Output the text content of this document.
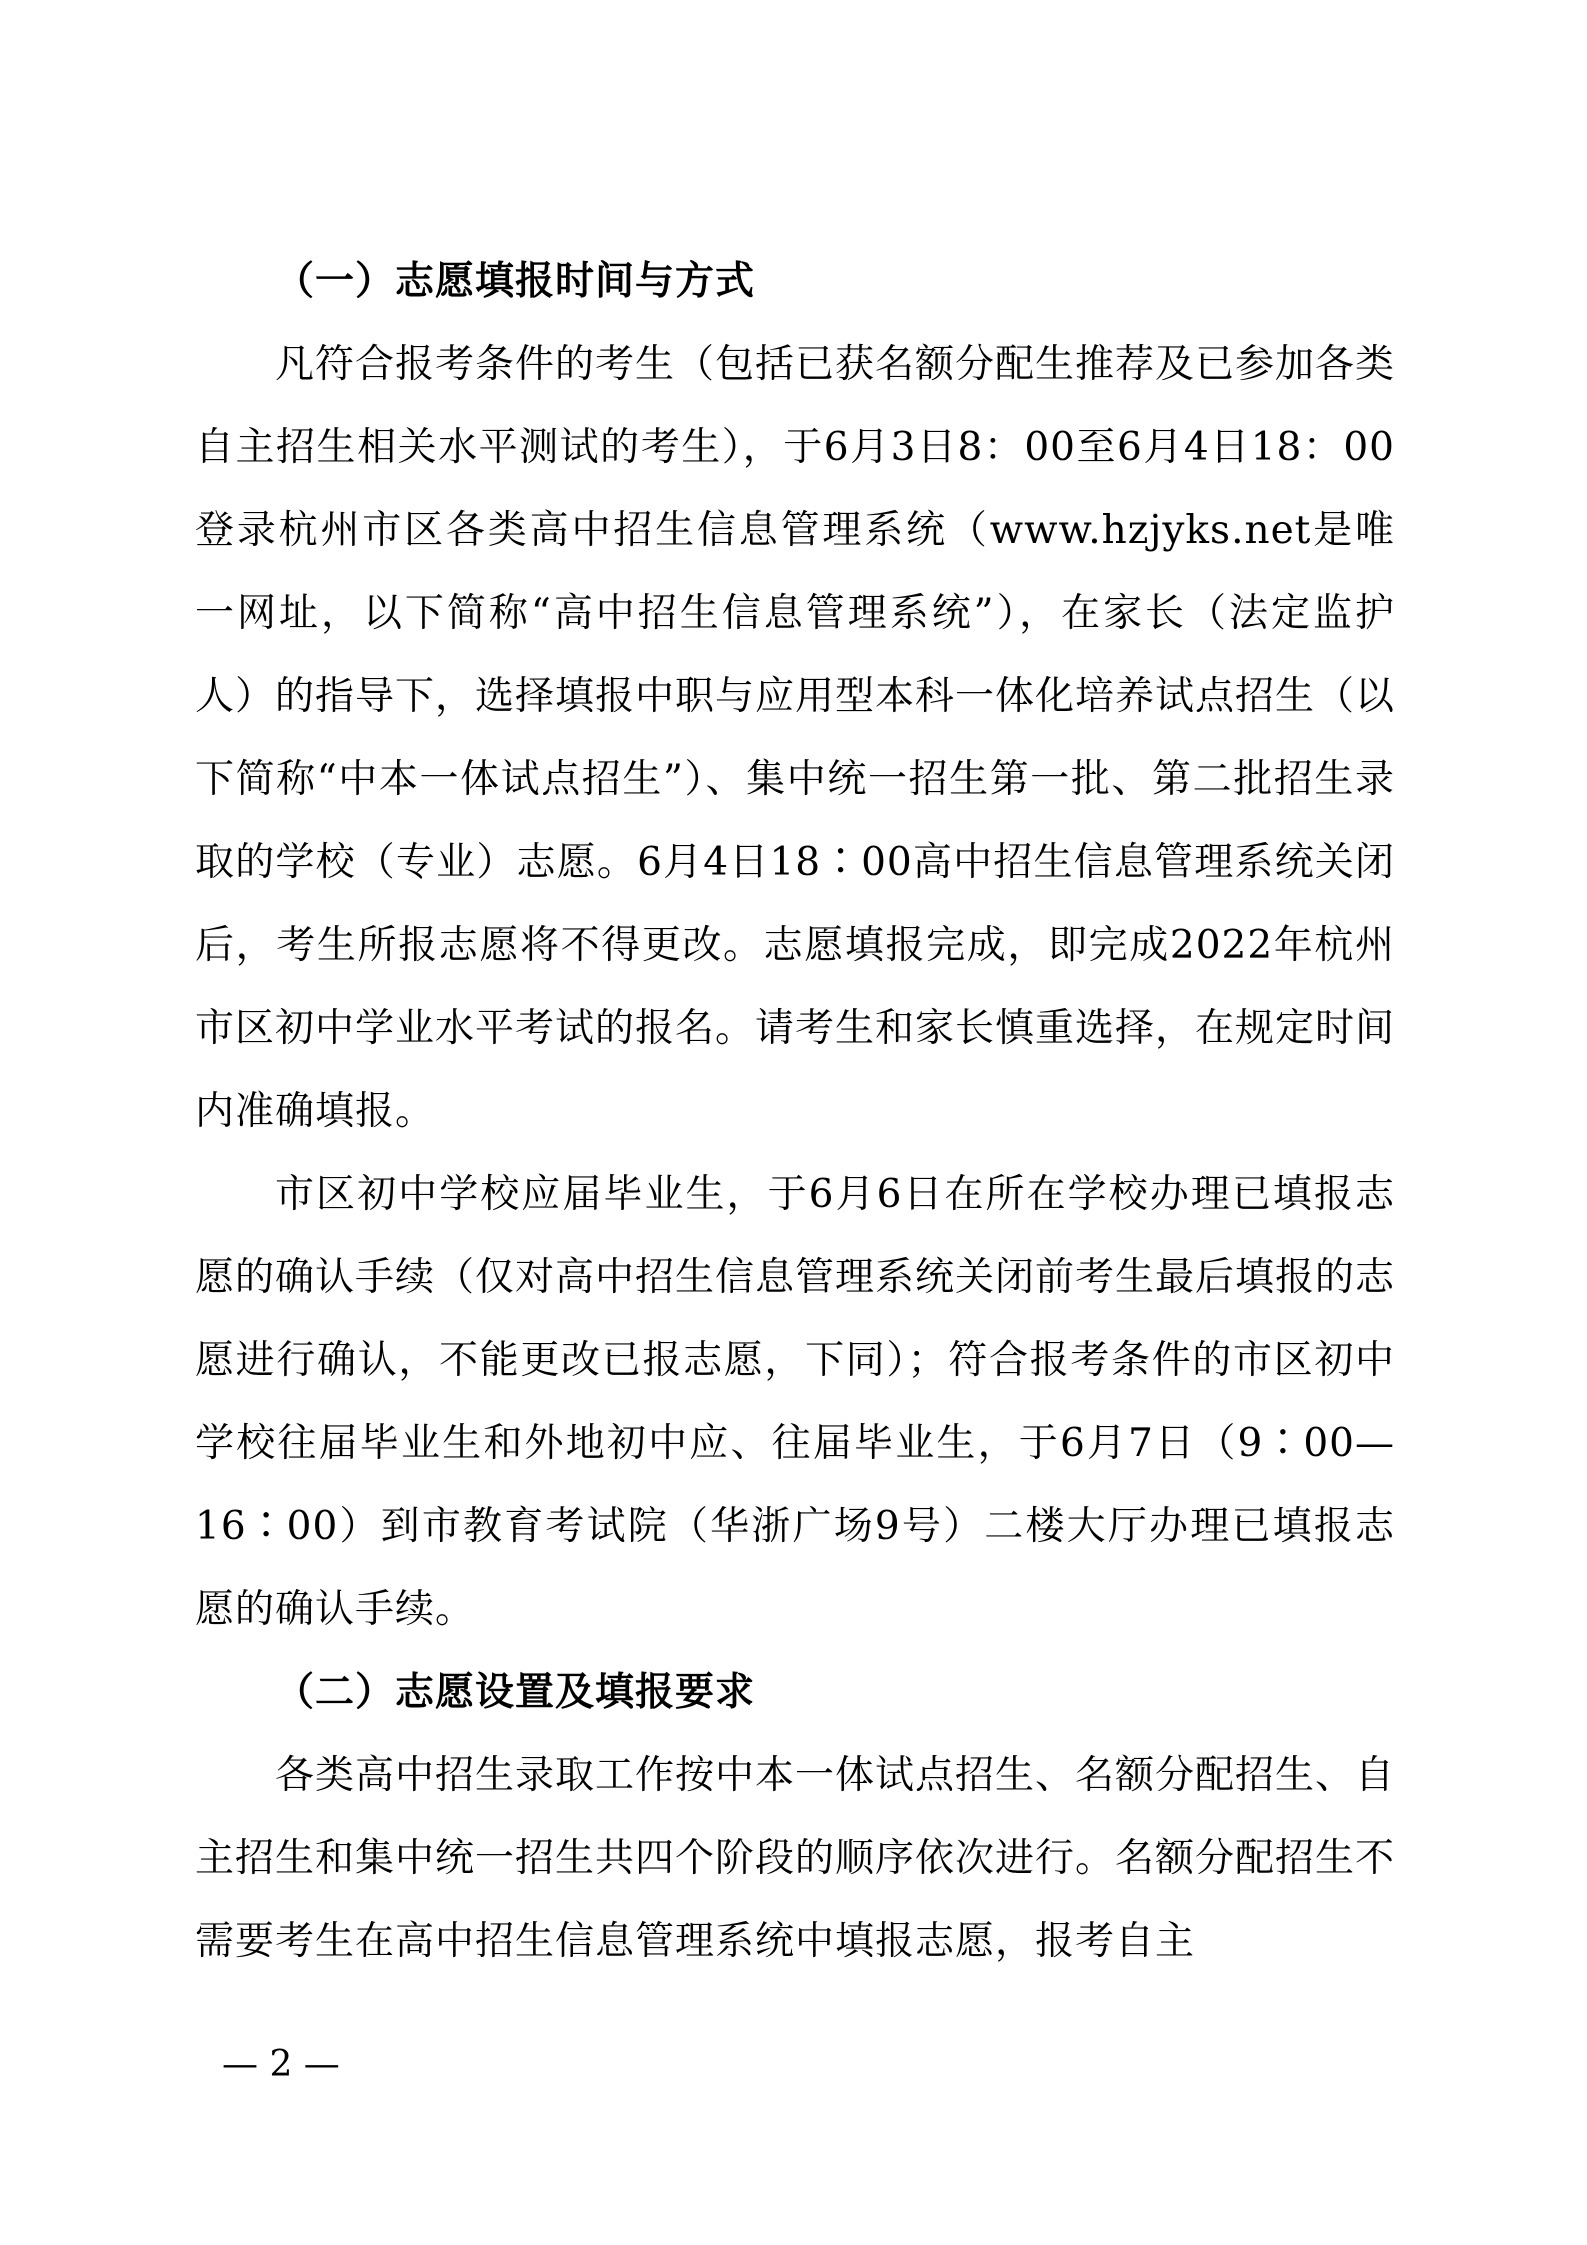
（一）志愿填报时间与方式

凡符合报考条件的考生（包括已获名额分配生推荐及已参加各类自主招生相关水平测试的考生），于6月3日8：00至6月4日18：00登录杭州市区各类高中招生信息管理系统（www.hzjyks.net是唯一网址，以下简称“高中招生信息管理系统”），在家长（法定监护人）的指导下，选择填报中职与应用型本科一体化培养试点招生（以下简称“中本一体试点招生”）、集中统一招生第一批、第二批招生录取的学校（专业）志愿。6月4日18∶00高中招生信息管理系统关闭后，考生所报志愿将不得更改。志愿填报完成，即完成2022年杭州市区初中学业水平考试的报名。请考生和家长慎重选择，在规定时间内准确填报。

市区初中学校应届毕业生，于6月6日在所在学校办理已填报志愿的确认手续（仅对高中招生信息管理系统关闭前考生最后填报的志愿进行确认，不能更改已报志愿，下同）；符合报考条件的市区初中学校往届毕业生和外地初中应、往届毕业生，于6月7日（9∶00—16∶00）到市教育考试院（华浙广场9号）二楼大厅办理已填报志愿的确认手续。

（二）志愿设置及填报要求

各类高中招生录取工作按中本一体试点招生、名额分配招生、自主招生和集中统一招生共四个阶段的顺序依次进行。名额分配招生不需要考生在高中招生信息管理系统中填报志愿，报考自主

— 2 —
